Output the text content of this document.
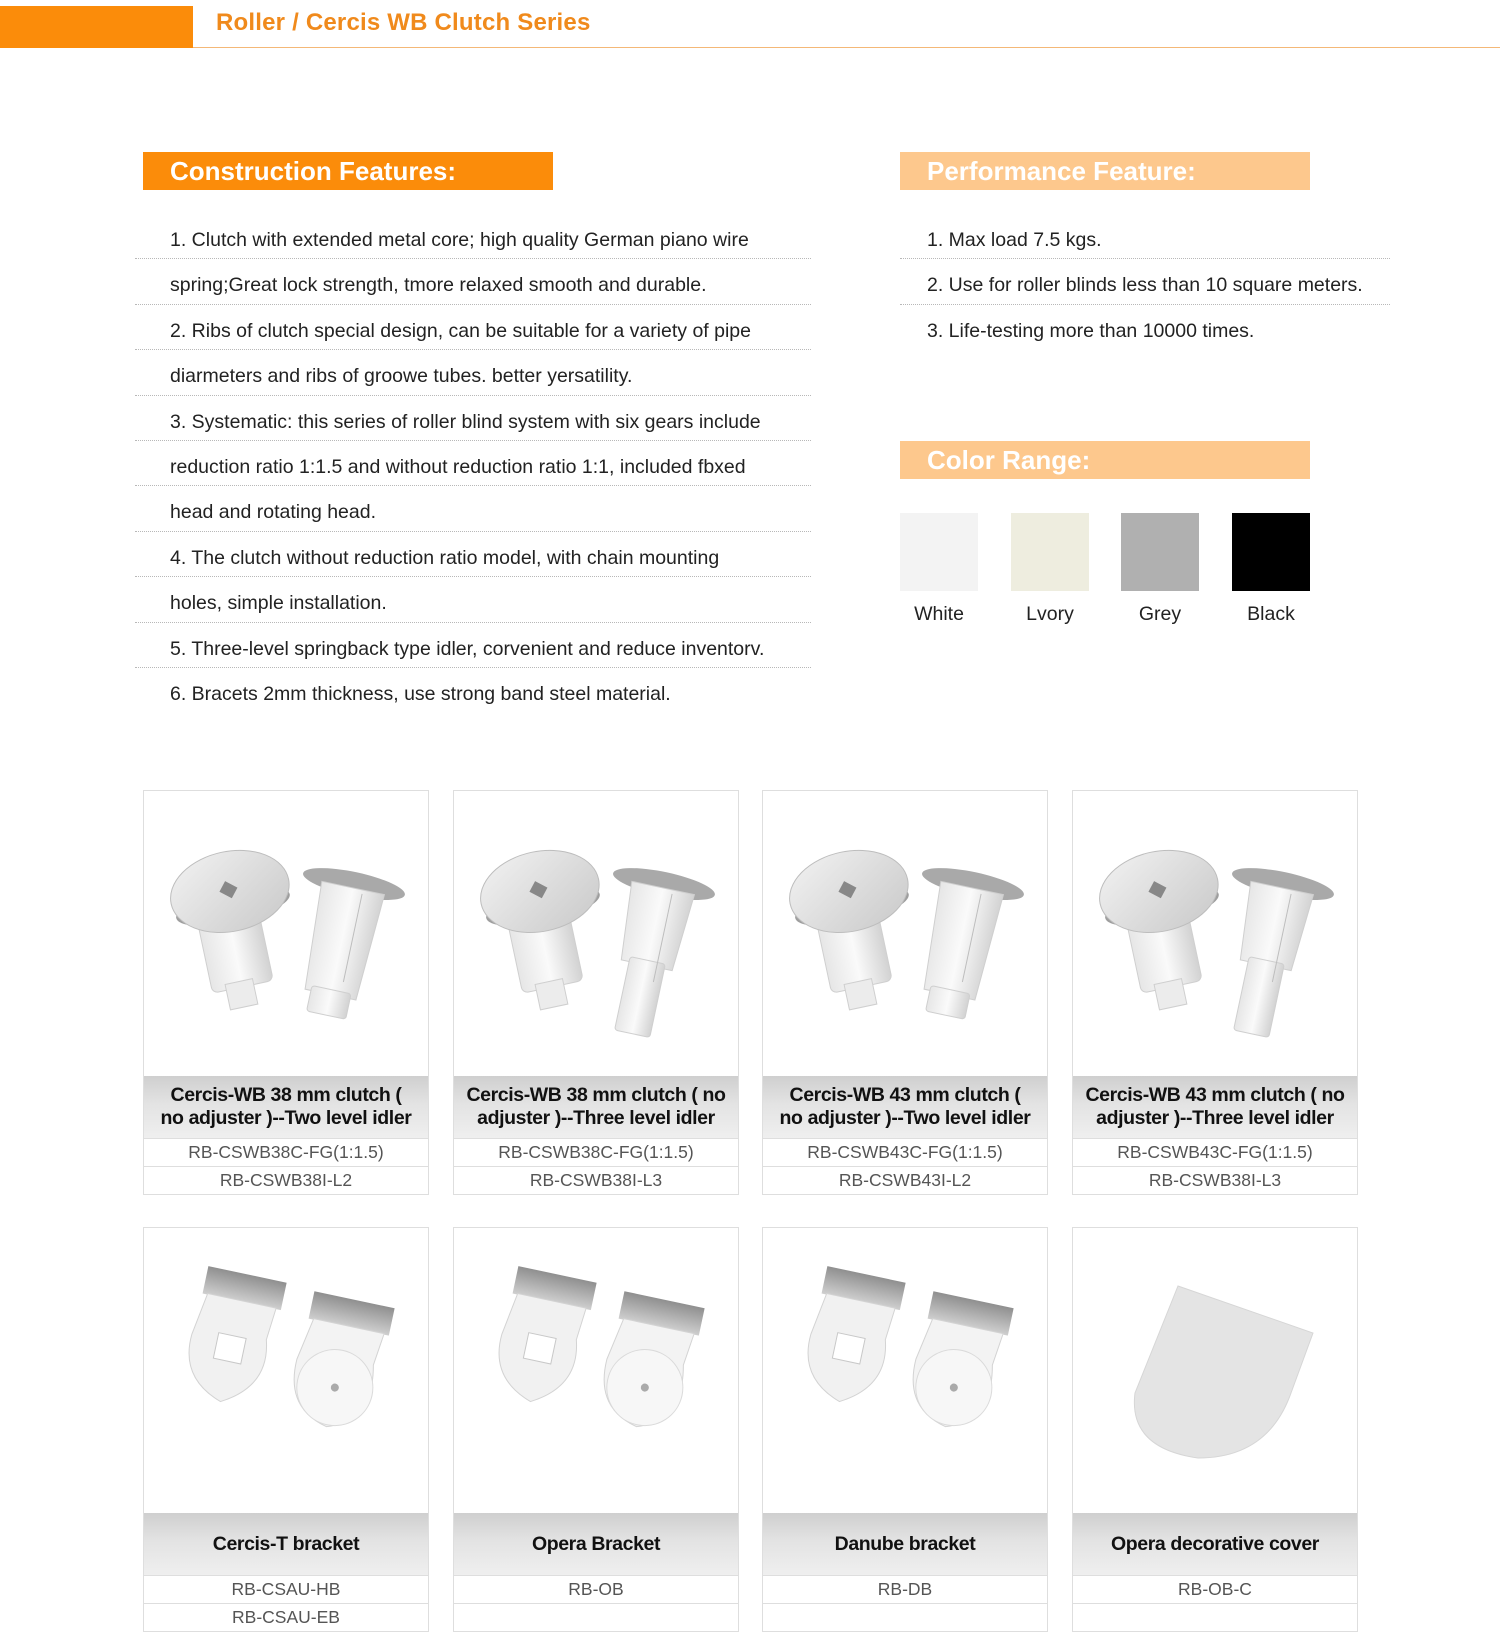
Roller / Cercis WB Clutch Series
Construction Features:
1. Clutch with extended metal core; high quality German piano wire
spring;Great lock strength, tmore relaxed smooth and durable.
2. Ribs of clutch special design, can be suitable for a variety of pipe
diarmeters and ribs of groowe tubes. better yersatility.
3. Systematic: this series of roller blind system with six gears include
reduction ratio 1:1.5 and without reduction ratio 1:1, included fbxed
head and rotating head.
4. The clutch without reduction ratio model, with chain mounting
holes, simple installation.
5. Three-level springback type idler, corvenient and reduce inventorv.
6. Bracets 2mm thickness, use strong band steel material.
Performance Feature:
1. Max load 7.5 kgs.
2. Use for roller blinds less than 10 square meters.
3. Life-testing more than 10000 times.
Color Range:
White	Lvory	Grey	Black
Cercis-WB 38 mm clutch (
no adjuster )--Two level idler
RB-CSWB38C-FG(1:1.5)
RB-CSWB38I-L2
Cercis-WB 38 mm clutch ( no
adjuster )--Three level idler
RB-CSWB38C-FG(1:1.5)
RB-CSWB38I-L3
Cercis-WB 43 mm clutch (
no adjuster )--Two level idler
RB-CSWB43C-FG(1:1.5)
RB-CSWB43I-L2
Cercis-WB 43 mm clutch ( no
adjuster )--Three level idler
RB-CSWB43C-FG(1:1.5)
RB-CSWB38I-L3
Cercis-T bracket
RB-CSAU-HB
RB-CSAU-EB
Opera Bracket
RB-OB
Danube bracket
RB-DB
Opera decorative cover
RB-OB-C
